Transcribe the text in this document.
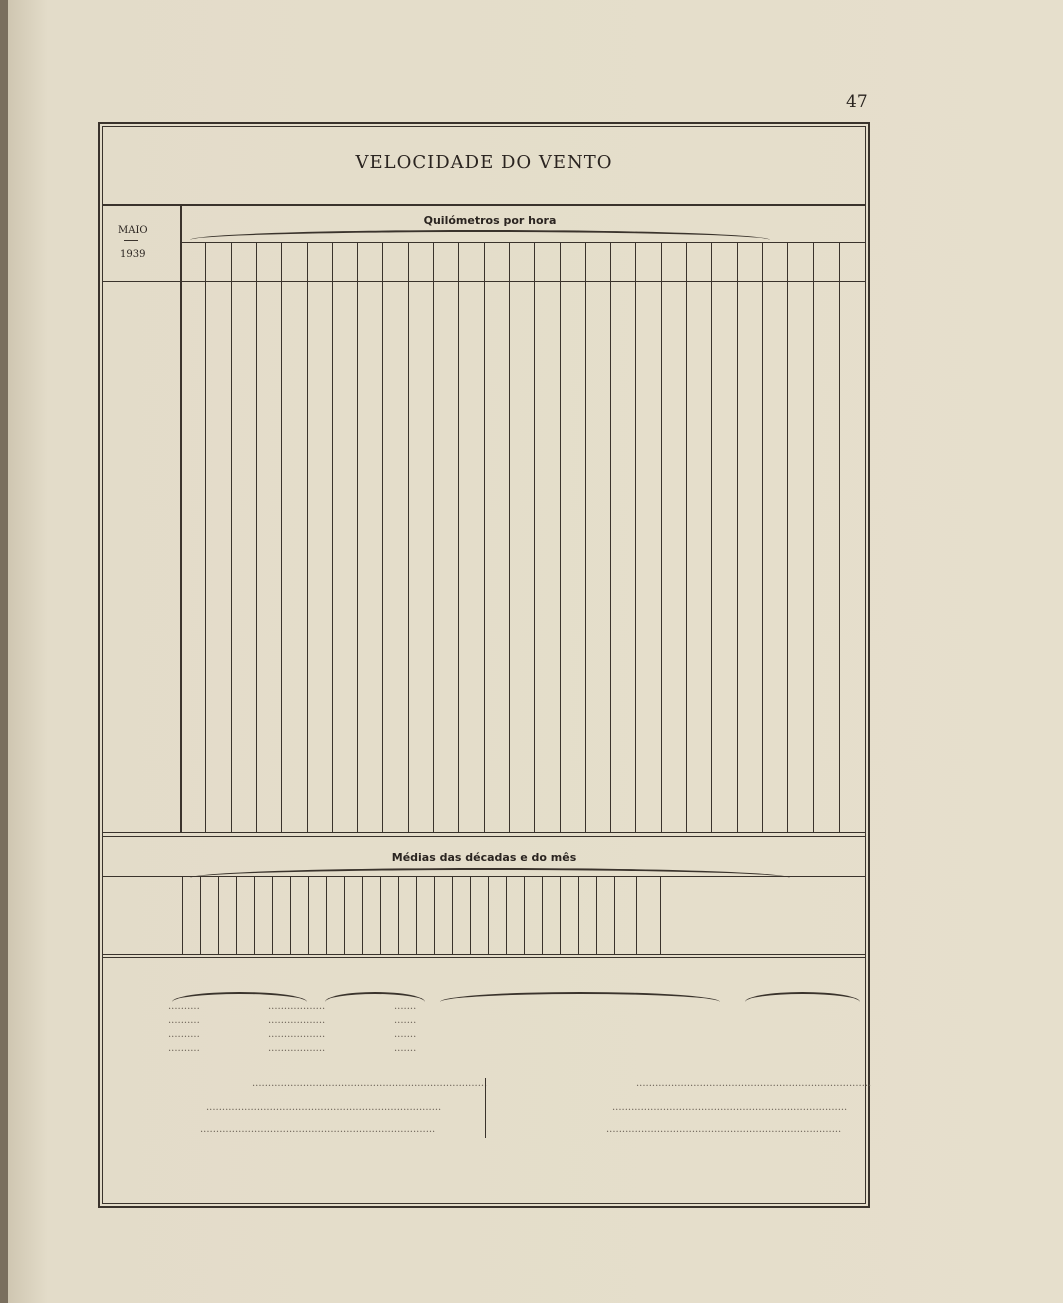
47
VELOCIDADE DO VENTO
Quilómetros por hora
MAIO
1939
Médias das décadas e do mês
..........	..................	.......
..........	..................	.......
..........	..................	.......
..........	..................	.......
..........................................................................	..........................................................................
..........................................................................	..........................................................................
..........................................................................	..........................................................................
